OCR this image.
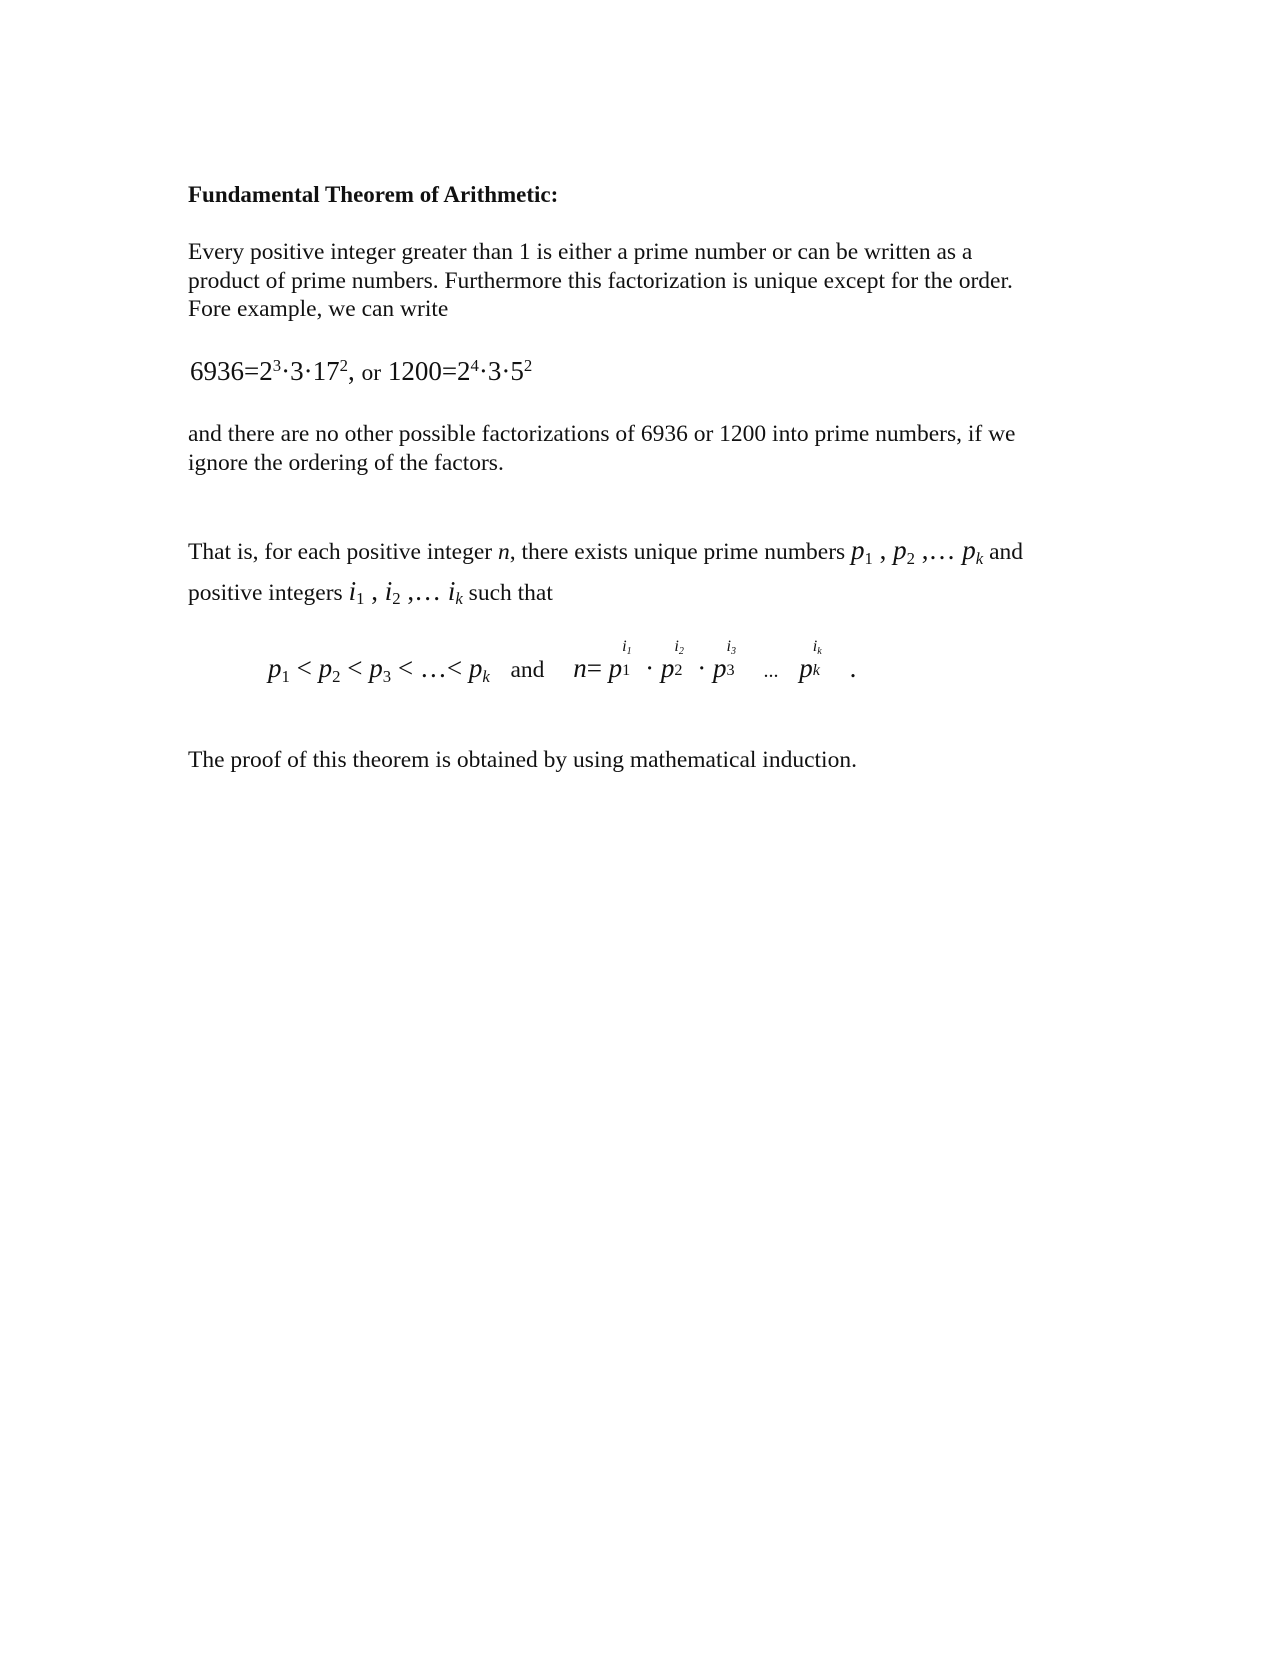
Fundamental Theorem of Arithmetic:
Every positive integer greater than 1 is either a prime number or can be written as a
product of prime numbers. Furthermore this factorization is unique except for the order.
Fore example, we can write
$6936=2^3\cdot 3\cdot 17^2$, or $1200=2^4\cdot 3\cdot 5^2$
and there are no other possible factorizations of 6936 or 1200 into prime numbers, if we
ignore the ordering of the factors.
That is, for each positive integer n, there exists unique prime numbers $p_1$ , $p_2$ ,… $p_k$ and
positive integers $i_1$ , $i_2$ ,… $i_k$ such that
$p_1 < p_2 < p_3$ < …< $p_k$ and n= p
$i_1$
1 · p
$i_2$
2 · p
$i_3$
3 ... p
$i_k$
k .
The proof of this theorem is obtained by using mathematical induction.
